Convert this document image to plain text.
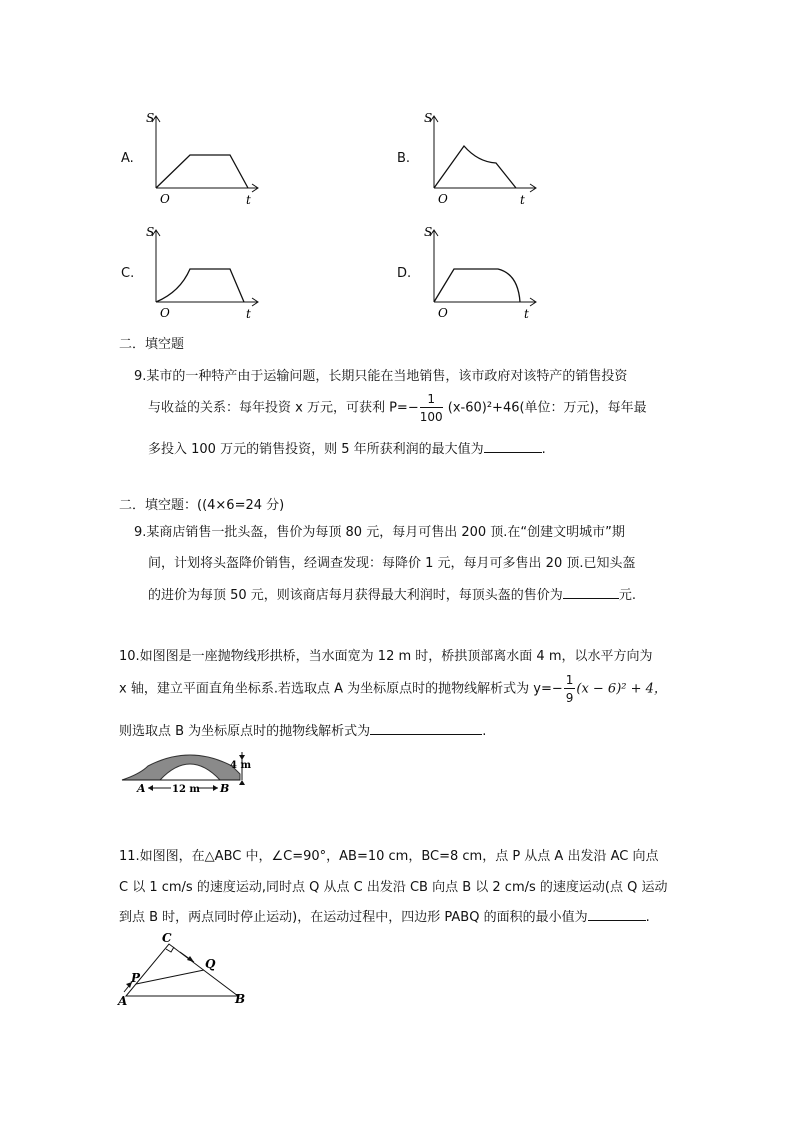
A.
S
O	t
B.
S
O	t
C.
S
O	t
D.
S
O	t
二．填空题
9.某市的一种特产由于运输问题，长期只能在当地销售，该市政府对该特产的销售投资
与收益的关系：每年投资 x 万元，可获利 $P=- \frac{1}{100} (x-60)^2+46$(单位：万元)，每年最
多投入 100 万元的销售投资，则 5 年所获利润的最大值为	.
二．填空题：((4×6=24 分)
9.某商店销售一批头盔，售价为每顶 80 元，每月可售出 200 顶.在“创建文明城市”期
间，计划将头盔降价销售，经调查发现：每降价 1 元，每月可多售出 20 顶.已知头盔
的进价为每顶 50 元，则该商店每月获得最大利润时，每顶头盔的售价为	元.
10.如图图是一座抛物线形拱桥，当水面宽为 12 m 时，桥拱顶部离水面 4 m，以水平方向为
x 轴，建立平面直角坐标系.若选取点 A 为坐标原点时的抛物线解析式为 $y=- \frac{1}{9} (x - 6)^2 + 4$，
则选取点 B 为坐标原点时的抛物线解析式为	.
4 m
12 m
A	B
11.如图图，在△ABC 中，∠C=90°，AB=10 cm，BC=8 cm，点 P 从点 A 出发沿 AC 向点
C 以 1 cm/s 的速度运动,同时点 Q 从点 C 出发沿 CB 向点 B 以 2 cm/s 的速度运动(点 Q 运动
到点 B 时，两点同时停止运动)，在运动过程中，四边形 PABQ 的面积的最小值为	.
C
Q
P
A	B
